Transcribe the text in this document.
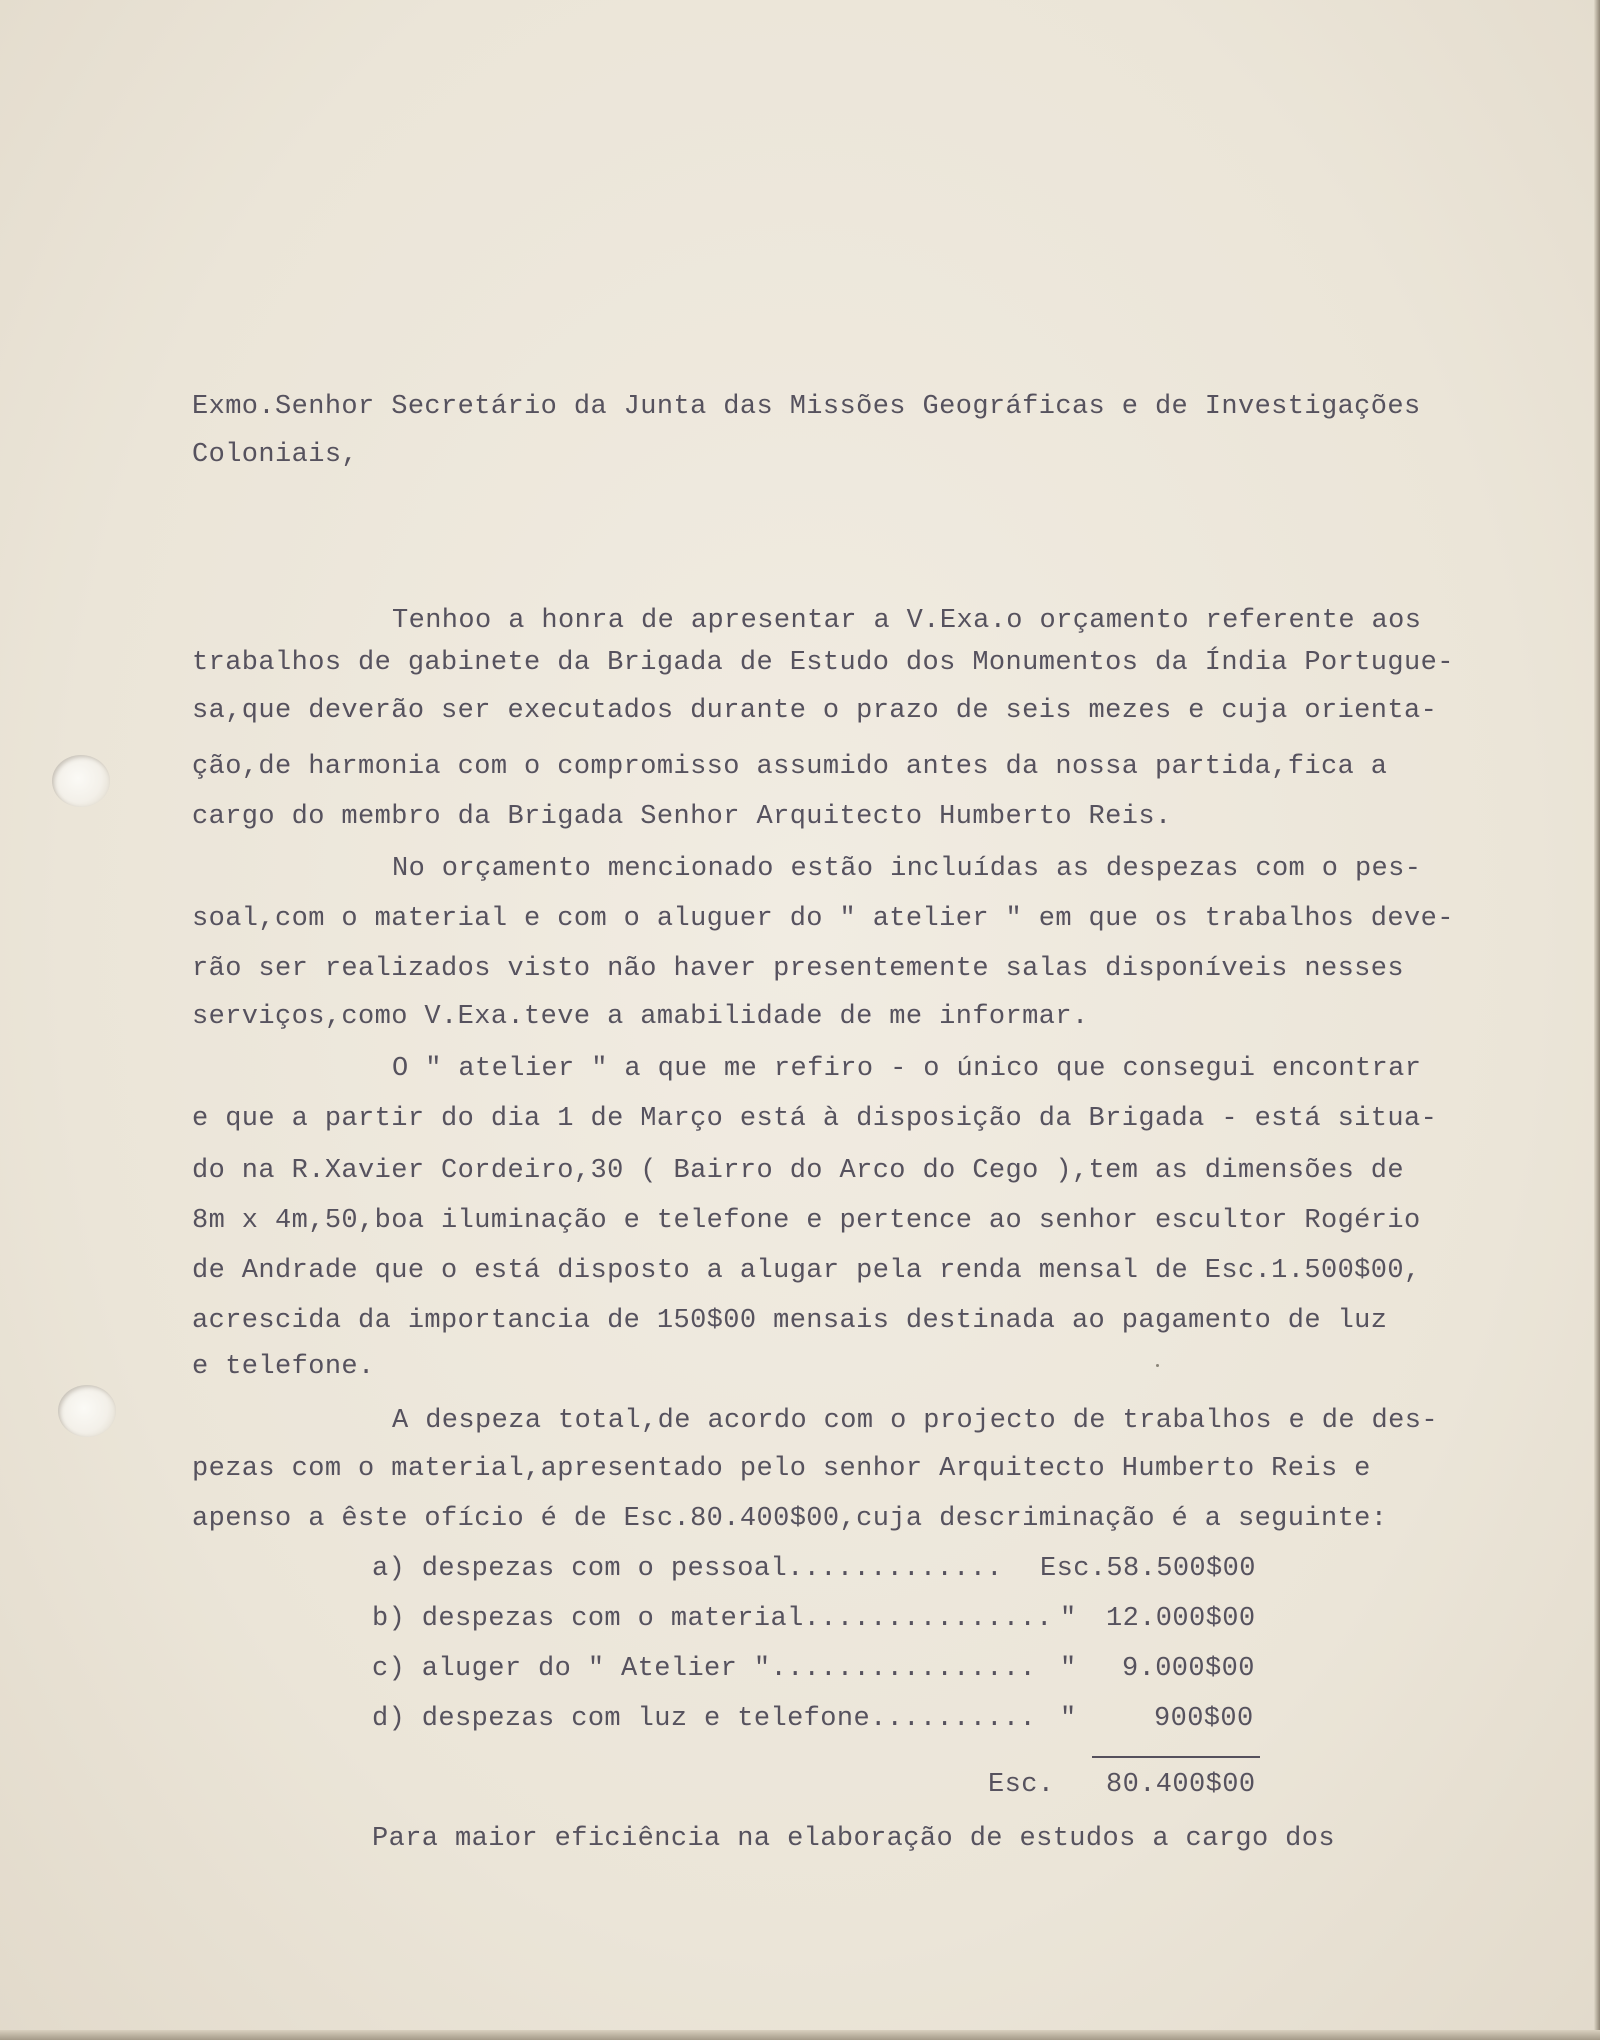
Exmo.Senhor Secretário da Junta das Missões Geográficas e de Investigações

Coloniais,

Tenhoo a honra de apresentar a V.Exa.o orçamento referente aos

trabalhos de gabinete da Brigada de Estudo dos Monumentos da Índia Portugue-

sa,que deverão ser executados durante o prazo de seis mezes e cuja orienta-

ção,de harmonia com o compromisso assumido antes da nossa partida,fica a

cargo do membro da Brigada Senhor Arquitecto Humberto Reis.

No orçamento mencionado estão incluídas as despezas com o pes-

soal,com o material e com o aluguer do " atelier " em que os trabalhos deve-

rão ser realizados visto não haver presentemente salas disponíveis nesses

serviços,como V.Exa.teve a amabilidade de me informar.

O " atelier " a que me refiro - o único que consegui encontrar

e que a partir do dia 1 de Março está à disposição da Brigada - está situa-

do na R.Xavier Cordeiro,30 ( Bairro do Arco do Cego ),tem as dimensões de

8m x 4m,50,boa iluminação e telefone e pertence ao senhor escultor Rogério

de Andrade que o está disposto a alugar pela renda mensal de Esc.1.500$00,

acrescida da importancia de 150$00 mensais destinada ao pagamento de luz

e telefone.

A despeza total,de acordo com o projecto de trabalhos e de des-

pezas com o material,apresentado pelo senhor Arquitecto Humberto Reis e

apenso a êste ofício é de Esc.80.400$00,cuja descriminação é a seguinte:

a) despezas com o pessoal.............

Esc.58.500$00

b) despezas com o material...............

"

12.000$00

c) aluger do " Atelier "................

"

9.000$00

d) despezas com luz e telefone..........

"

	900$00

Esc.

80.400$00

Para maior eficiência na elaboração de estudos a cargo dos
